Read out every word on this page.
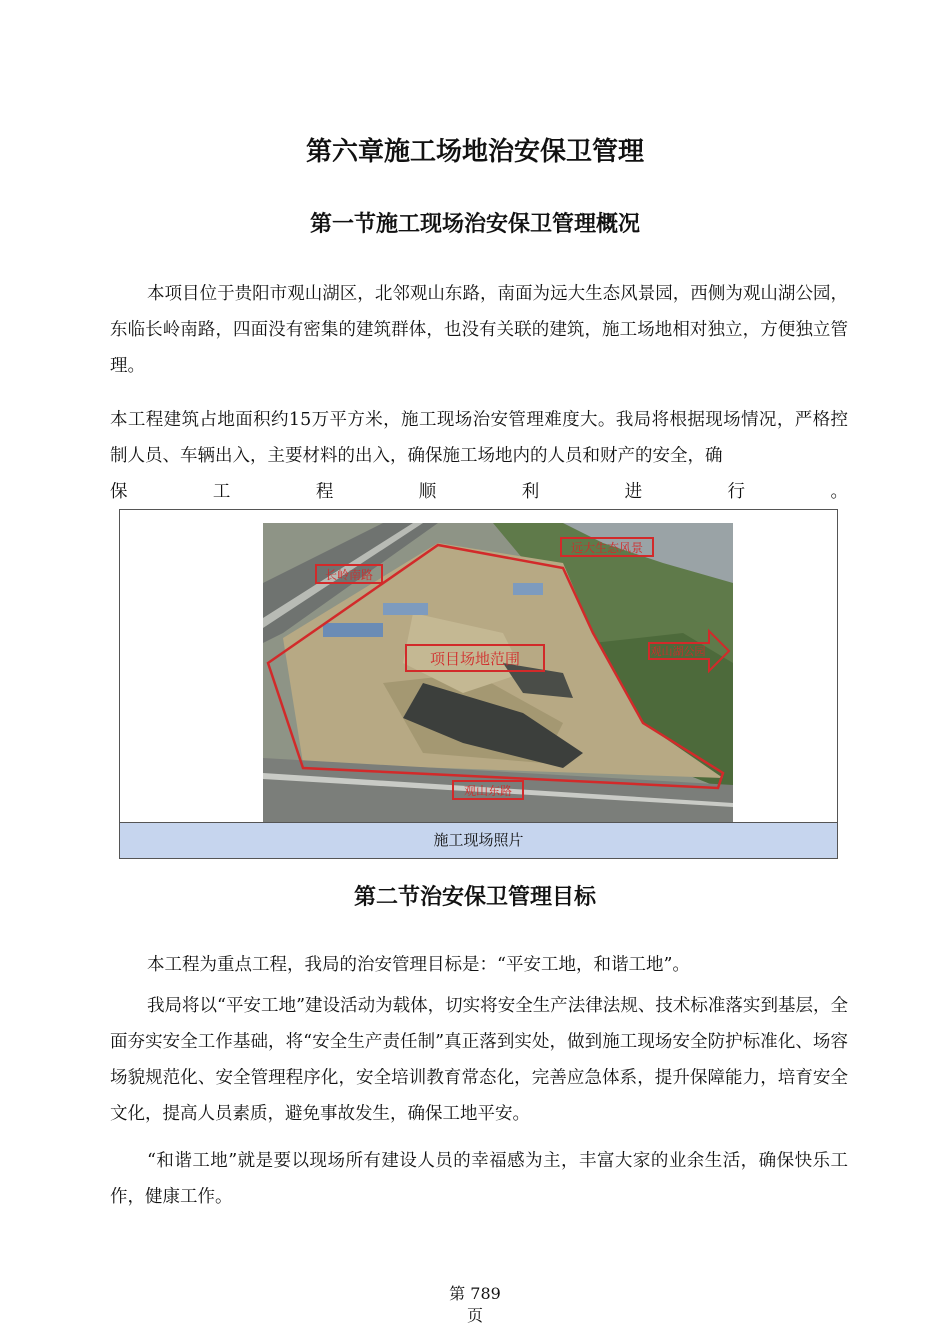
第六章施工场地治安保卫管理
第一节施工现场治安保卫管理概况

本项目位于贵阳市观山湖区，北邻观山东路，南面为远大生态风景园，西侧为观山湖公园，东临长岭南路，四面没有密集的建筑群体，也没有关联的建筑，施工场地相对独立，方便独立管理。

本工程建筑占地面积约15万平方米，施工现场治安管理难度大。我局将根据现场情况，严格控制人员、车辆出入，主要材料的出入，确保施工场地内的人员和财产的安全，确

保	工	程	顺	利	进	行	。
长岭南路
远大生态风景
项目场地范围	观山湖公园
观山东路
施工现场照片
第二节治安保卫管理目标

本工程为重点工程，我局的治安管理目标是：“平安工地，和谐工地”。

我局将以“平安工地”建设活动为载体，切实将安全生产法律法规、技术标准落实到基层，全面夯实安全工作基础，将“安全生产责任制”真正落到实处，做到施工现场安全防护标准化、场容场貌规范化、安全管理程序化，安全培训教育常态化，完善应急体系，提升保障能力，培育安全文化，提高人员素质，避免事故发生，确保工地平安。

“和谐工地”就是要以现场所有建设人员的幸福感为主，丰富大家的业余生活，确保快乐工作，健康工作。

第 789
页
